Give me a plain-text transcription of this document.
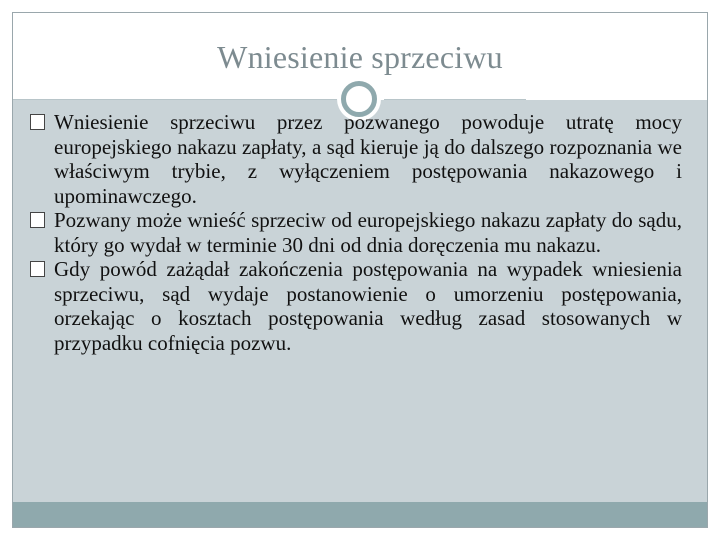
Wniesienie sprzeciwu

Wniesienie sprzeciwu przez pozwanego powoduje utratę mocy europejskiego nakazu zapłaty, a sąd kieruje ją do dalszego rozpoznania we właściwym trybie, z wyłączeniem postępowania nakazowego i upominawczego.

Pozwany może wnieść sprzeciw od europejskiego nakazu zapłaty do sądu, który go wydał w terminie 30 dni od dnia doręczenia mu nakazu.

Gdy powód zażądał zakończenia postępowania na wypadek wniesienia sprzeciwu, sąd wydaje postanowienie o umorzeniu postępowania, orzekając o kosztach postępowania według zasad stosowanych w przypadku cofnięcia pozwu.
